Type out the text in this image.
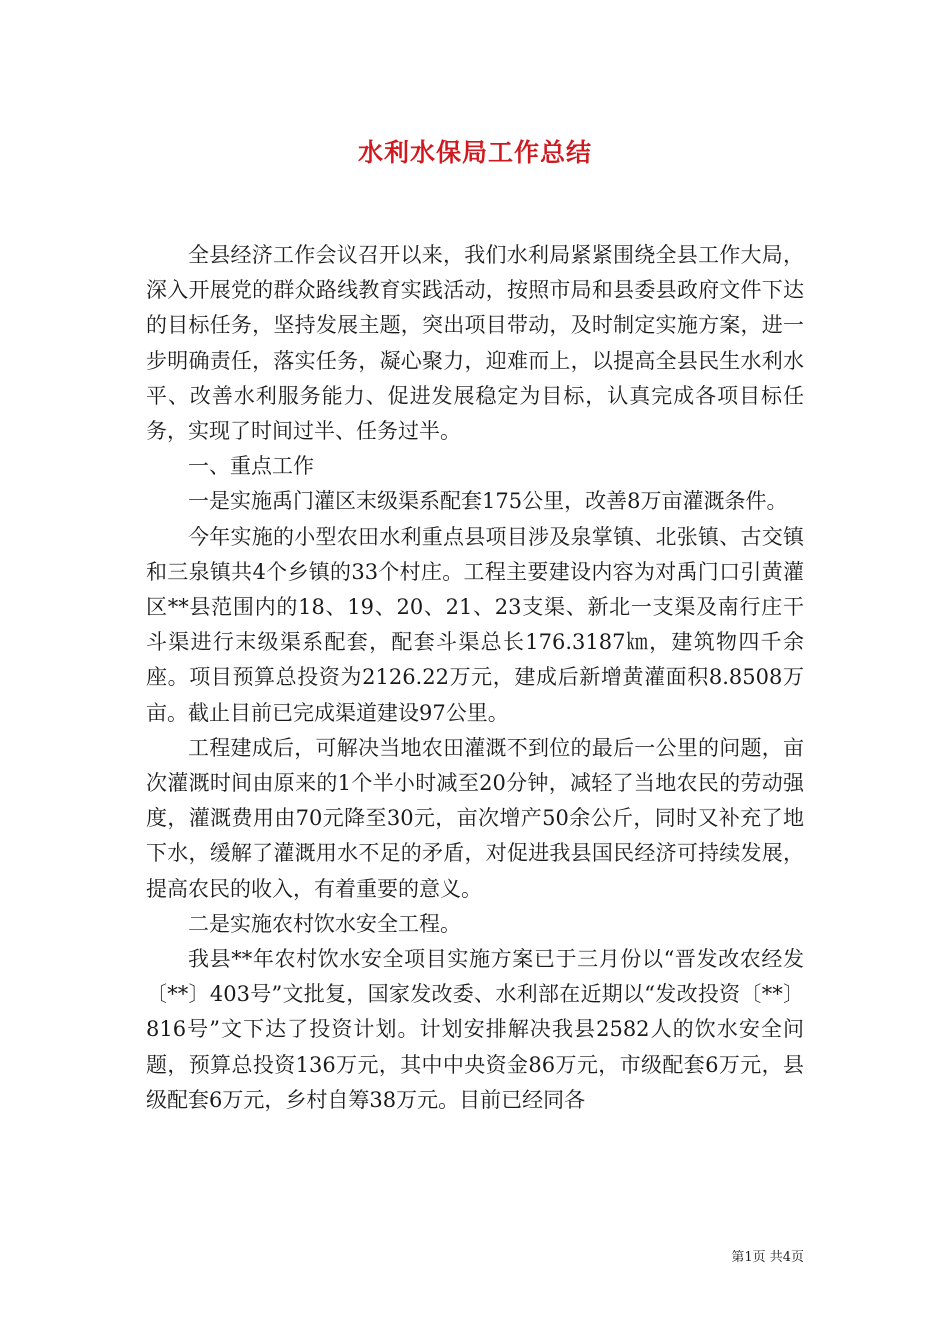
水利水保局工作总结

全县经济工作会议召开以来，我们水利局紧紧围绕全县工作大局，深入开展党的群众路线教育实践活动，按照市局和县委县政府文件下达的目标任务，坚持发展主题，突出项目带动，及时制定实施方案，进一步明确责任，落实任务，凝心聚力，迎难而上，以提高全县民生水利水平、改善水利服务能力、促进发展稳定为目标，认真完成各项目标任务，实现了时间过半、任务过半。

一、重点工作

一是实施禹门灌区末级渠系配套175公里，改善8万亩灌溉条件。

今年实施的小型农田水利重点县项目涉及泉掌镇、北张镇、古交镇和三泉镇共4个乡镇的33个村庄。工程主要建设内容为对禹门口引黄灌区**县范围内的18、19、20、21、23支渠、新北一支渠及南行庄干斗渠进行末级渠系配套，配套斗渠总长176.3187㎞，建筑物四千余座。项目预算总投资为2126.22万元，建成后新增黄灌面积8.8508万亩。截止目前已完成渠道建设97公里。

工程建成后，可解决当地农田灌溉不到位的最后一公里的问题，亩次灌溉时间由原来的1个半小时减至20分钟，减轻了当地农民的劳动强度，灌溉费用由70元降至30元，亩次增产50余公斤，同时又补充了地下水，缓解了灌溉用水不足的矛盾，对促进我县国民经济可持续发展，提高农民的收入，有着重要的意义。

二是实施农村饮水安全工程。

我县**年农村饮水安全项目实施方案已于三月份以“晋发改农经发〔**〕403号”文批复，国家发改委、水利部在近期以“发改投资〔**〕816号”文下达了投资计划。计划安排解决我县2582人的饮水安全问题，预算总投资136万元，其中中央资金86万元，市级配套6万元，县级配套6万元，乡村自筹38万元。目前已经同各

第1页 共4页
